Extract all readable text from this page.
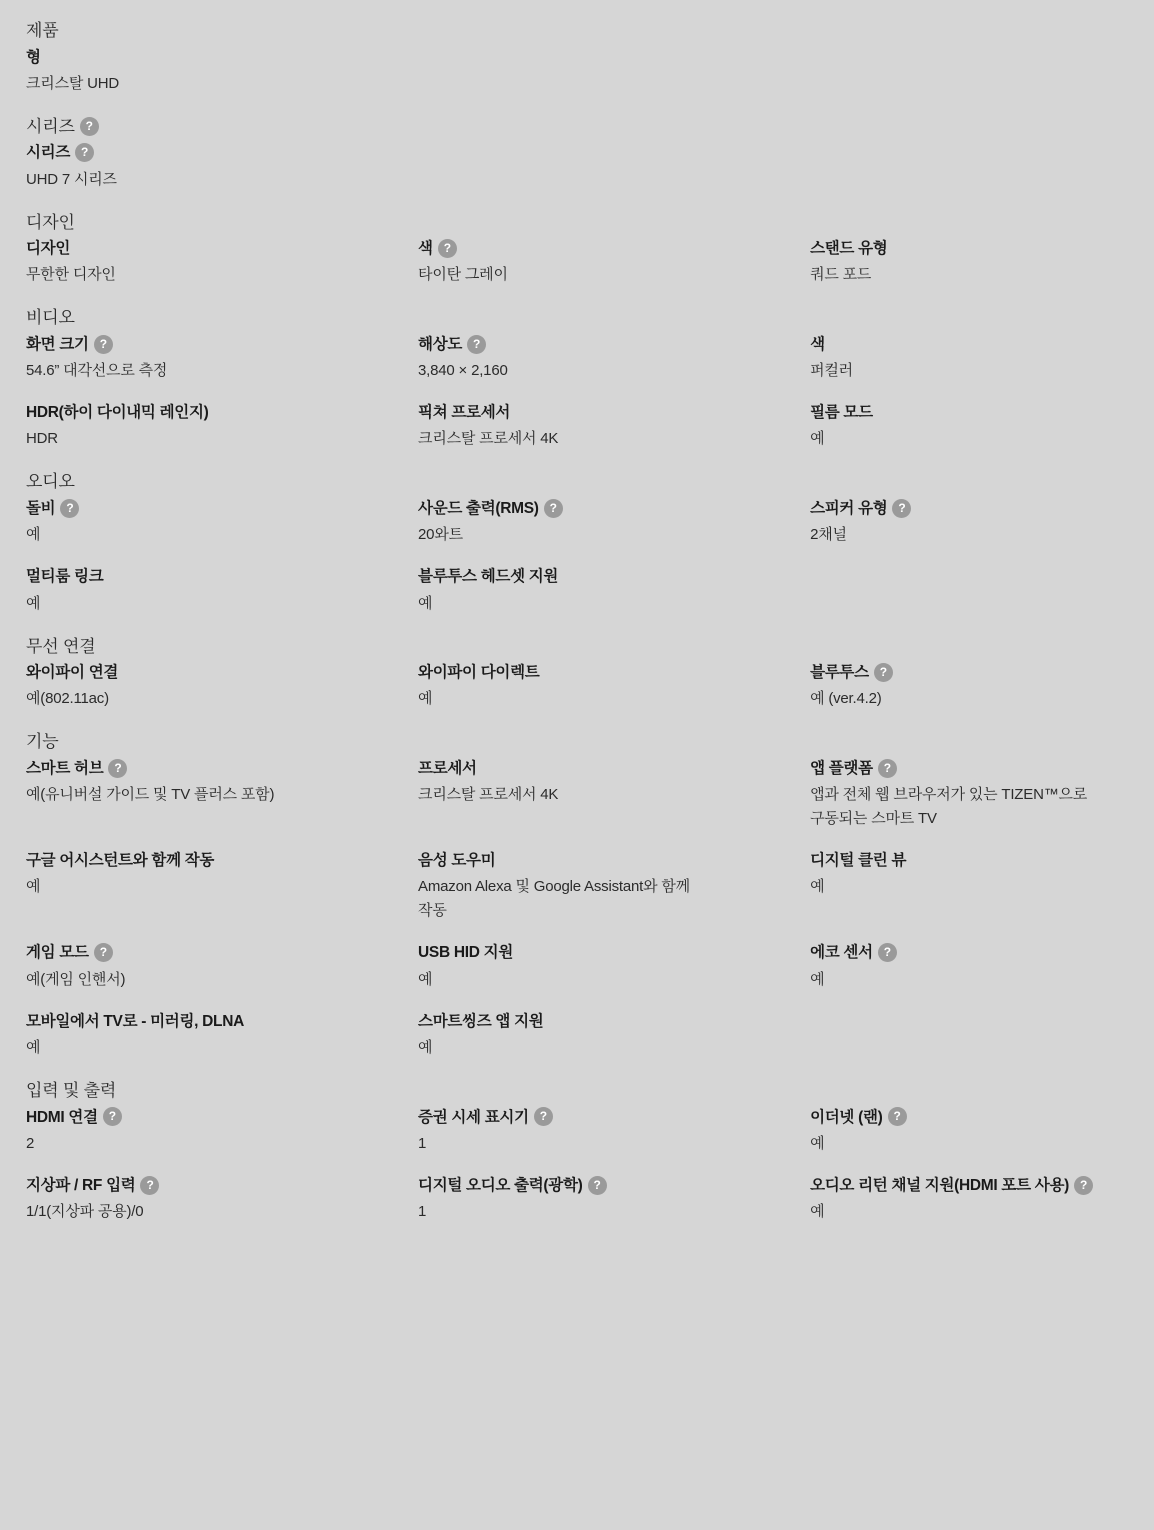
제품
형
크리스탈 UHD
시리즈 ?
시리즈 ?
UHD 7 시리즈
디자인
디자인
무한한 디자인
색 ?
타이탄 그레이
스탠드 유형
쿼드 포드
비디오
화면 크기 ?
54.6” 대각선으로 측정
해상도 ?
3,840 × 2,160
색
퍼컬러
HDR(하이 다이내믹 레인지)
HDR
픽쳐 프로세서
크리스탈 프로세서 4K
필름 모드
예
오디오
돌비 ?
예
사운드 출력(RMS) ?
20와트
스피커 유형 ?
2채널
멀티룸 링크
예
블루투스 헤드셋 지원
예
무선 연결
와이파이 연결
예(802.11ac)
와이파이 다이렉트
예
블루투스 ?
예 (ver.4.2)
기능
스마트 허브 ?
예(유니버설 가이드 및 TV 플러스 포함)
프로세서
크리스탈 프로세서 4K
앱 플랫폼 ?
앱과 전체 웹 브라우저가 있는 TIZEN™으로 구동되는 스마트 TV
구글 어시스턴트와 함께 작동
예
음성 도우미
Amazon Alexa 및 Google Assistant와 함께 작동
디지털 클린 뷰
예
게임 모드 ?
예(게임 인핸서)
USB HID 지원
예
에코 센서 ?
예
모바일에서 TV로 - 미러링, DLNA
예
스마트씽즈 앱 지원
예
입력 및 출력
HDMI 연결 ?
2
증권 시세 표시기 ?
1
이더넷 (랜) ?
예
지상파 / RF 입력 ?
1/1(지상파 공용)/0
디지털 오디오 출력(광학) ?
1
오디오 리턴 채널 지원(HDMI 포트 사용) ?
예
